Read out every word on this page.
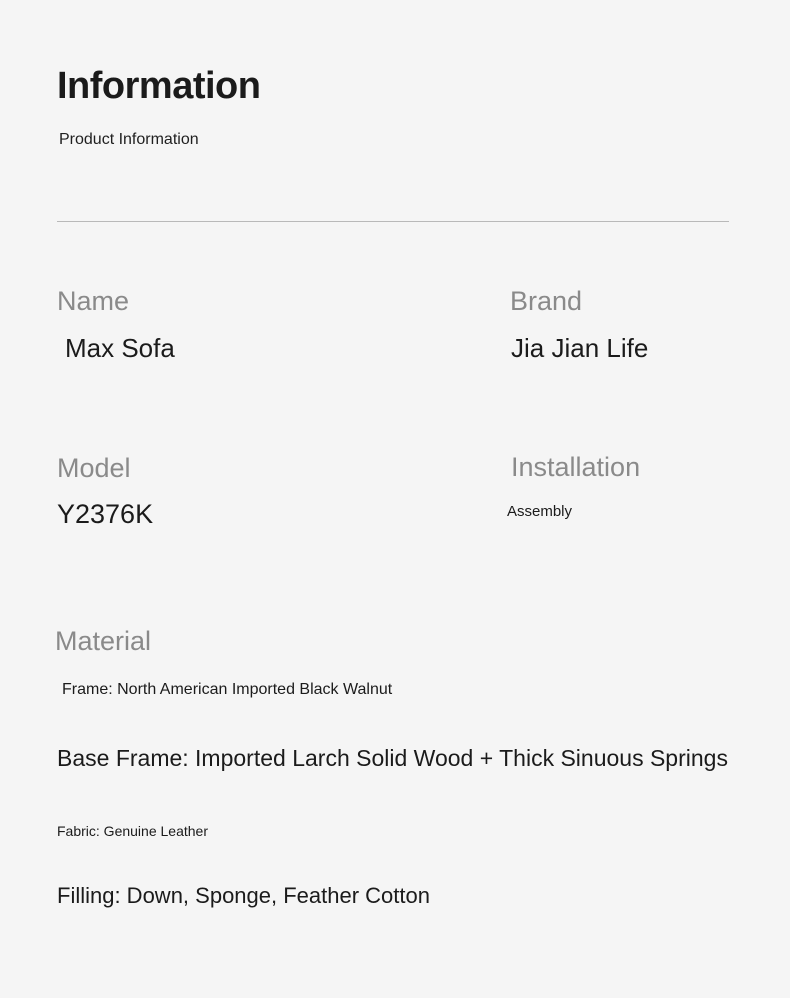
Information
Product Information
Name
Max Sofa
Brand
Jia Jian Life
Model
Y2376K
Installation
Assembly
Material
Frame: North American Imported Black Walnut
Base Frame: Imported Larch Solid Wood + Thick Sinuous Springs
Fabric: Genuine Leather
Filling: Down, Sponge, Feather Cotton
